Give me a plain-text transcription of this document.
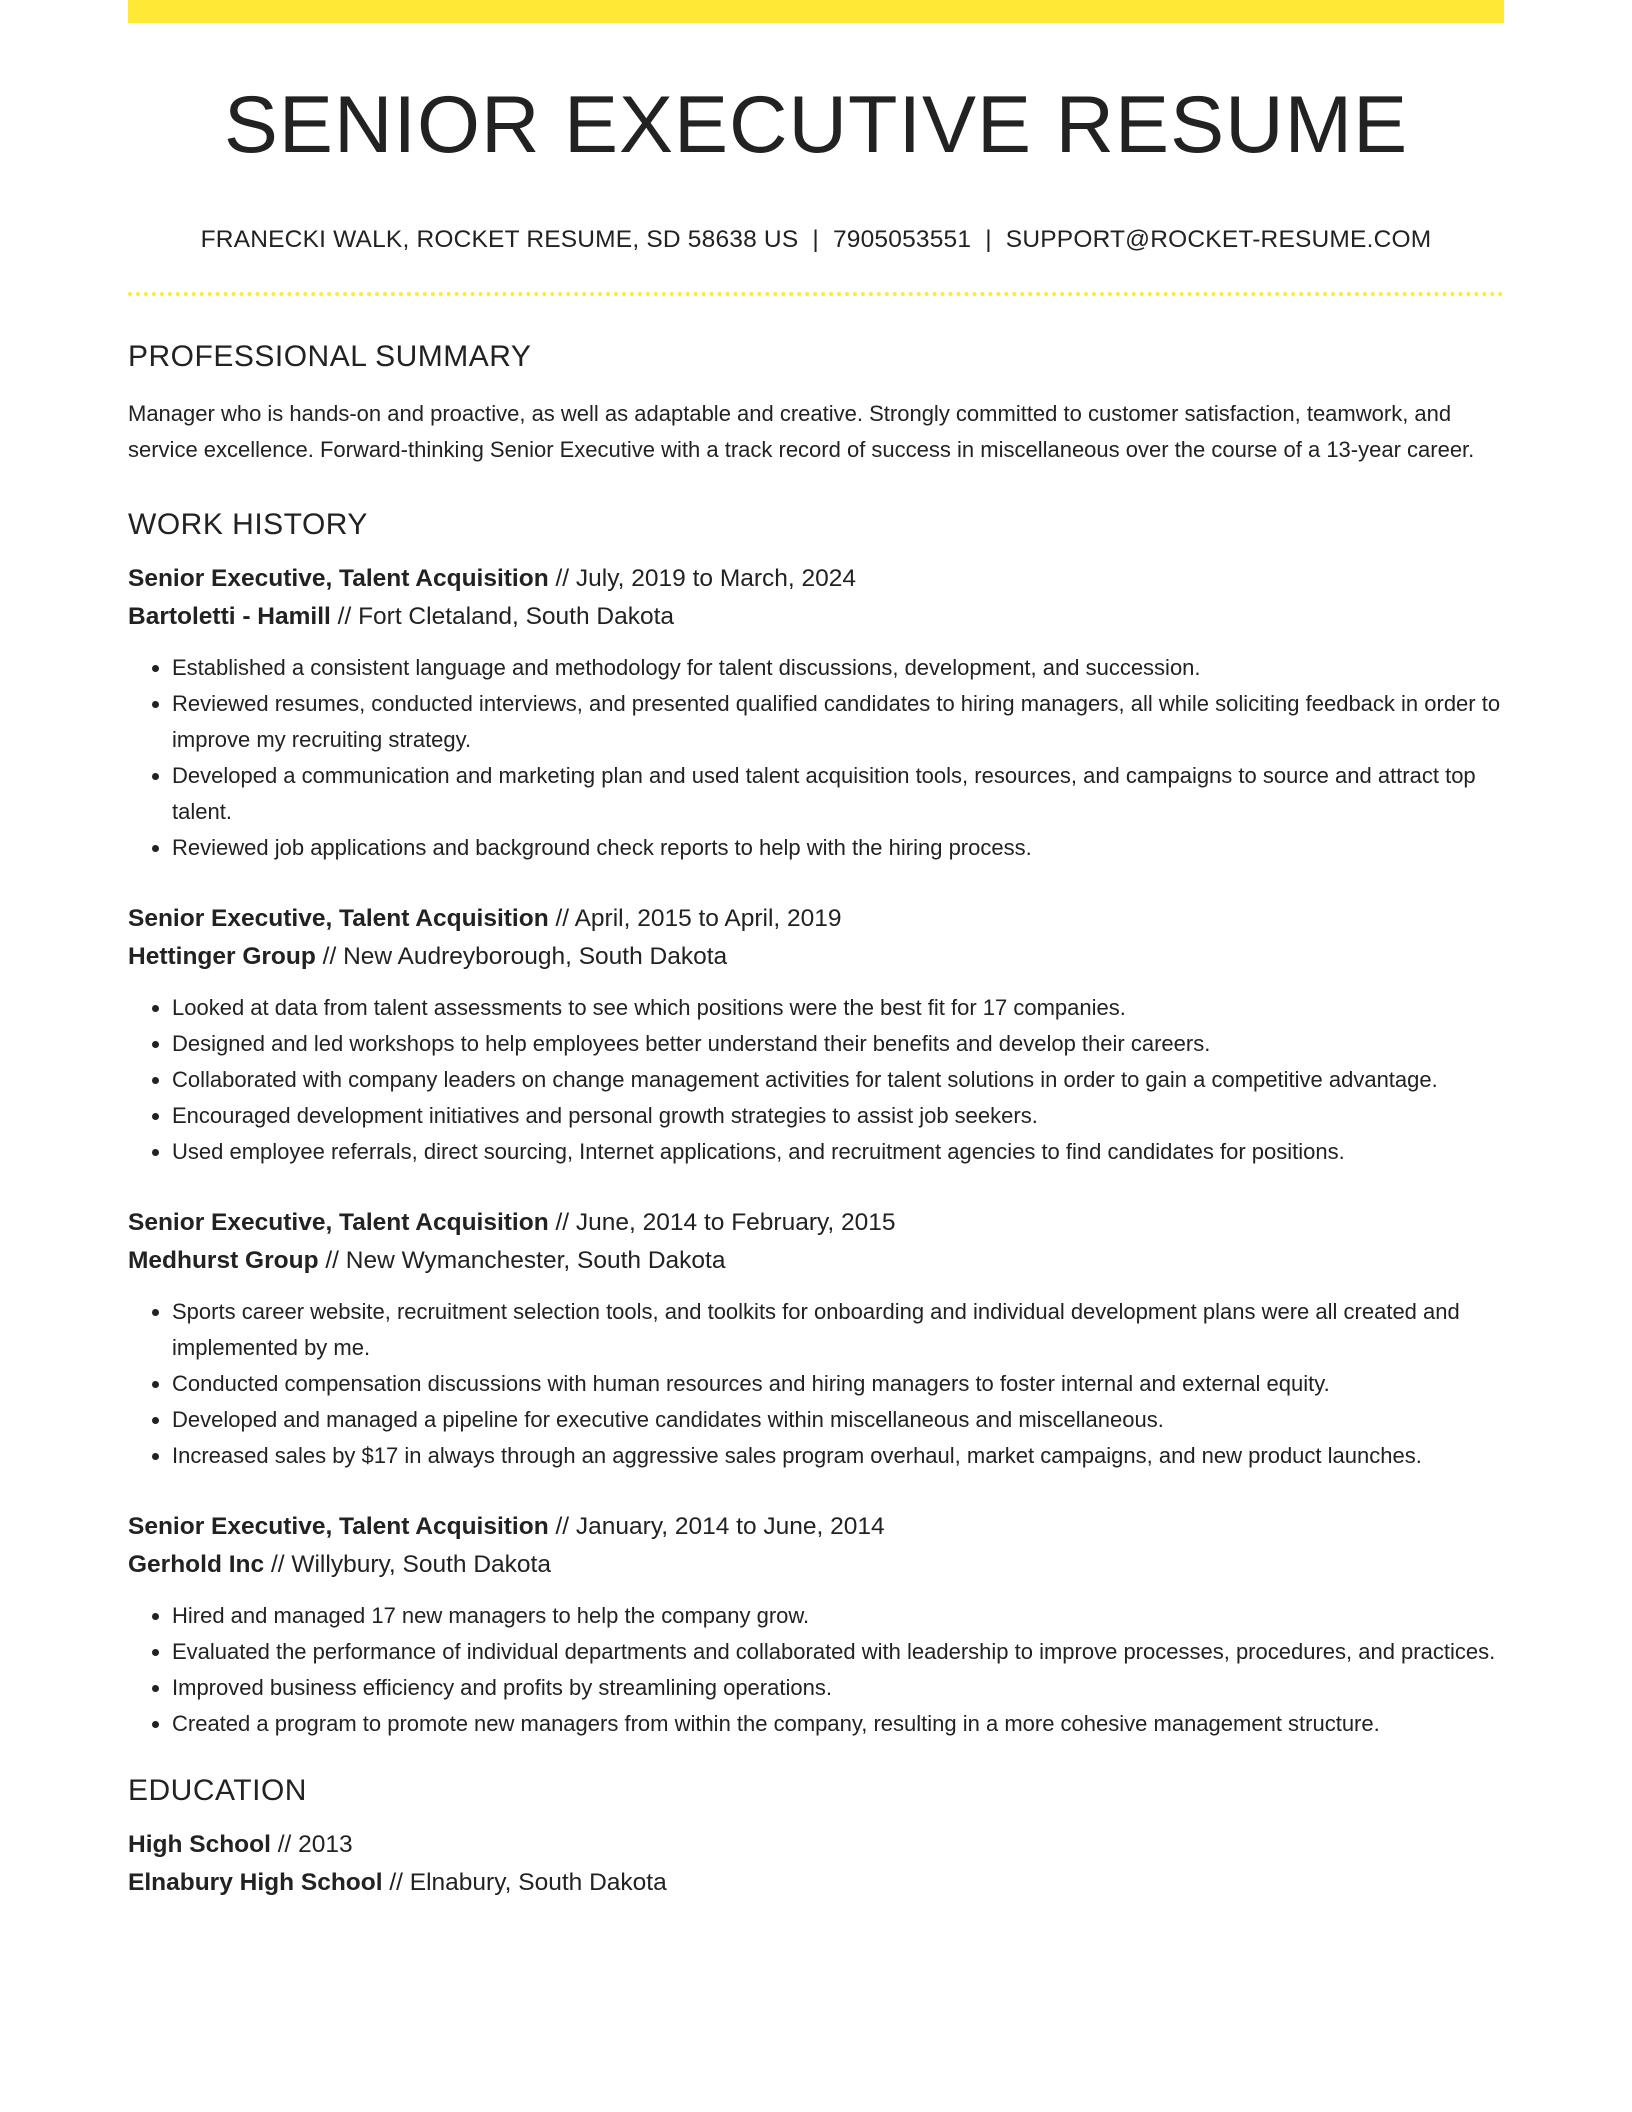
SENIOR EXECUTIVE RESUME
FRANECKI WALK, ROCKET RESUME, SD 58638 US | 7905053551 | SUPPORT@ROCKET-RESUME.COM
PROFESSIONAL SUMMARY
Manager who is hands-on and proactive, as well as adaptable and creative. Strongly committed to customer satisfaction, teamwork, and service excellence. Forward-thinking Senior Executive with a track record of success in miscellaneous over the course of a 13-year career.
WORK HISTORY
Senior Executive, Talent Acquisition // July, 2019 to March, 2024
Bartoletti - Hamill // Fort Cletaland, South Dakota
• Established a consistent language and methodology for talent discussions, development, and succession.
• Reviewed resumes, conducted interviews, and presented qualified candidates to hiring managers, all while soliciting feedback in order to improve my recruiting strategy.
• Developed a communication and marketing plan and used talent acquisition tools, resources, and campaigns to source and attract top talent.
• Reviewed job applications and background check reports to help with the hiring process.
Senior Executive, Talent Acquisition // April, 2015 to April, 2019
Hettinger Group // New Audreyborough, South Dakota
• Looked at data from talent assessments to see which positions were the best fit for 17 companies.
• Designed and led workshops to help employees better understand their benefits and develop their careers.
• Collaborated with company leaders on change management activities for talent solutions in order to gain a competitive advantage.
• Encouraged development initiatives and personal growth strategies to assist job seekers.
• Used employee referrals, direct sourcing, Internet applications, and recruitment agencies to find candidates for positions.
Senior Executive, Talent Acquisition // June, 2014 to February, 2015
Medhurst Group // New Wymanchester, South Dakota
• Sports career website, recruitment selection tools, and toolkits for onboarding and individual development plans were all created and implemented by me.
• Conducted compensation discussions with human resources and hiring managers to foster internal and external equity.
• Developed and managed a pipeline for executive candidates within miscellaneous and miscellaneous.
• Increased sales by $17 in always through an aggressive sales program overhaul, market campaigns, and new product launches.
Senior Executive, Talent Acquisition // January, 2014 to June, 2014
Gerhold Inc // Willybury, South Dakota
• Hired and managed 17 new managers to help the company grow.
• Evaluated the performance of individual departments and collaborated with leadership to improve processes, procedures, and practices.
• Improved business efficiency and profits by streamlining operations.
• Created a program to promote new managers from within the company, resulting in a more cohesive management structure.
EDUCATION
High School // 2013
Elnabury High School // Elnabury, South Dakota
